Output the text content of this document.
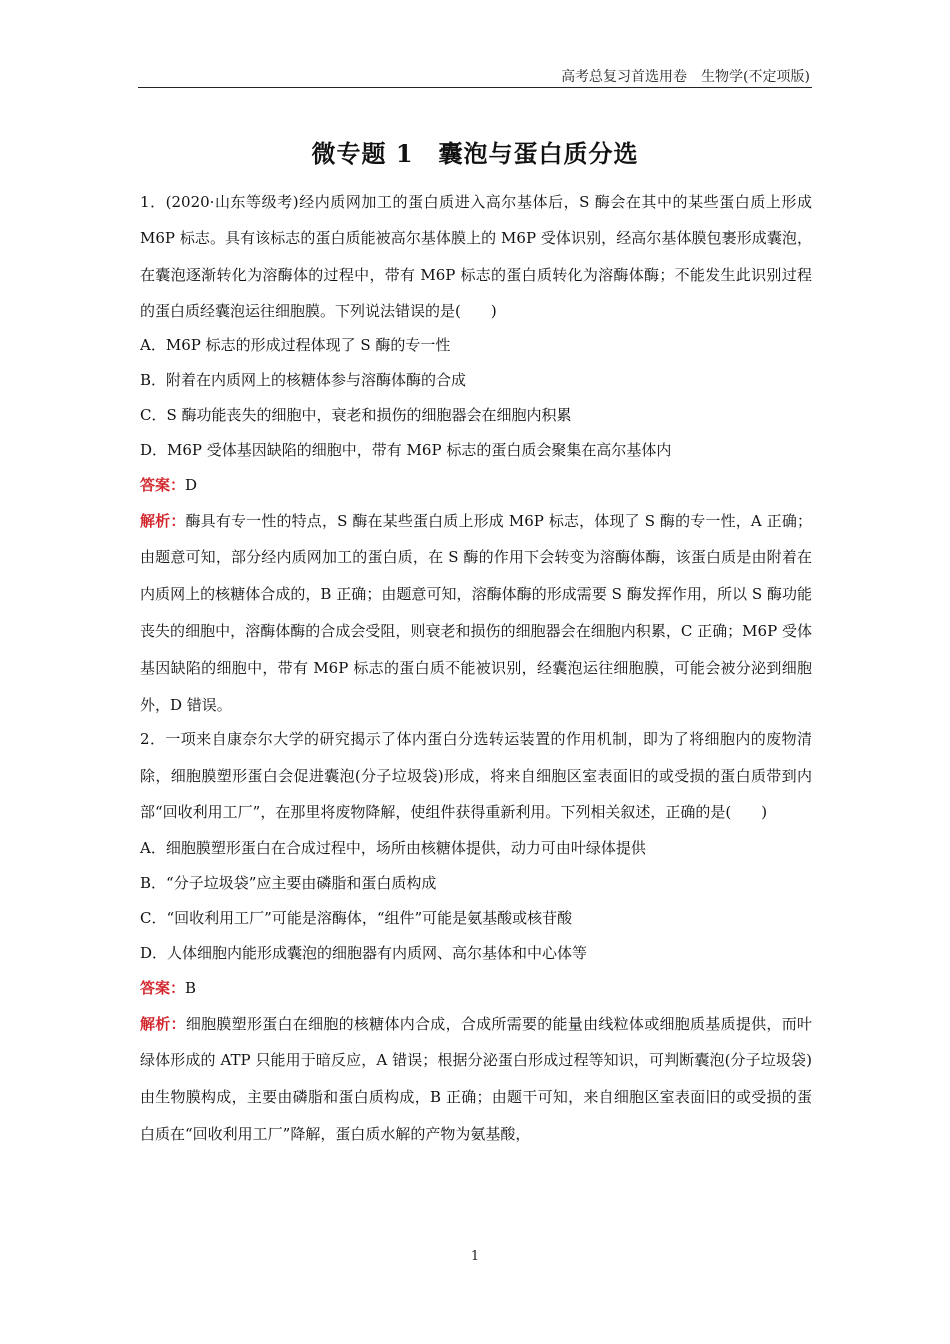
高考总复习首选用卷　生物学(不定项版)
微专题 1　囊泡与蛋白质分选

1．(2020·山东等级考)经内质网加工的蛋白质进入高尔基体后，S 酶会在其中的某些蛋白质上形成 M6P 标志。具有该标志的蛋白质能被高尔基体膜上的 M6P 受体识别，经高尔基体膜包裹形成囊泡，在囊泡逐渐转化为溶酶体的过程中，带有 M6P 标志的蛋白质转化为溶酶体酶；不能发生此识别过程的蛋白质经囊泡运往细胞膜。下列说法错误的是(　　)

A．M6P 标志的形成过程体现了 S 酶的专一性

B．附着在内质网上的核糖体参与溶酶体酶的合成

C．S 酶功能丧失的细胞中，衰老和损伤的细胞器会在细胞内积累

D．M6P 受体基因缺陷的细胞中，带有 M6P 标志的蛋白质会聚集在高尔基体内

答案：D

解析：酶具有专一性的特点，S 酶在某些蛋白质上形成 M6P 标志，体现了 S 酶的专一性，A 正确；由题意可知，部分经内质网加工的蛋白质，在 S 酶的作用下会转变为溶酶体酶，该蛋白质是由附着在内质网上的核糖体合成的，B 正确；由题意可知，溶酶体酶的形成需要 S 酶发挥作用，所以 S 酶功能丧失的细胞中，溶酶体酶的合成会受阻，则衰老和损伤的细胞器会在细胞内积累，C 正确；M6P 受体基因缺陷的细胞中，带有 M6P 标志的蛋白质不能被识别，经囊泡运往细胞膜，可能会被分泌到细胞外，D 错误。

2．一项来自康奈尔大学的研究揭示了体内蛋白分选转运装置的作用机制，即为了将细胞内的废物清除，细胞膜塑形蛋白会促进囊泡(分子垃圾袋)形成，将来自细胞区室表面旧的或受损的蛋白质带到内部“回收利用工厂”，在那里将废物降解，使组件获得重新利用。下列相关叙述，正确的是(　　)

A．细胞膜塑形蛋白在合成过程中，场所由核糖体提供，动力可由叶绿体提供

B．“分子垃圾袋”应主要由磷脂和蛋白质构成

C．“回收利用工厂”可能是溶酶体，“组件”可能是氨基酸或核苷酸

D．人体细胞内能形成囊泡的细胞器有内质网、高尔基体和中心体等

答案：B

解析：细胞膜塑形蛋白在细胞的核糖体内合成，合成所需要的能量由线粒体或细胞质基质提供，而叶绿体形成的 ATP 只能用于暗反应，A 错误；根据分泌蛋白形成过程等知识，可判断囊泡(分子垃圾袋)由生物膜构成，主要由磷脂和蛋白质构成，B 正确；由题干可知，来自细胞区室表面旧的或受损的蛋白质在“回收利用工厂”降解，蛋白质水解的产物为氨基酸，

1
